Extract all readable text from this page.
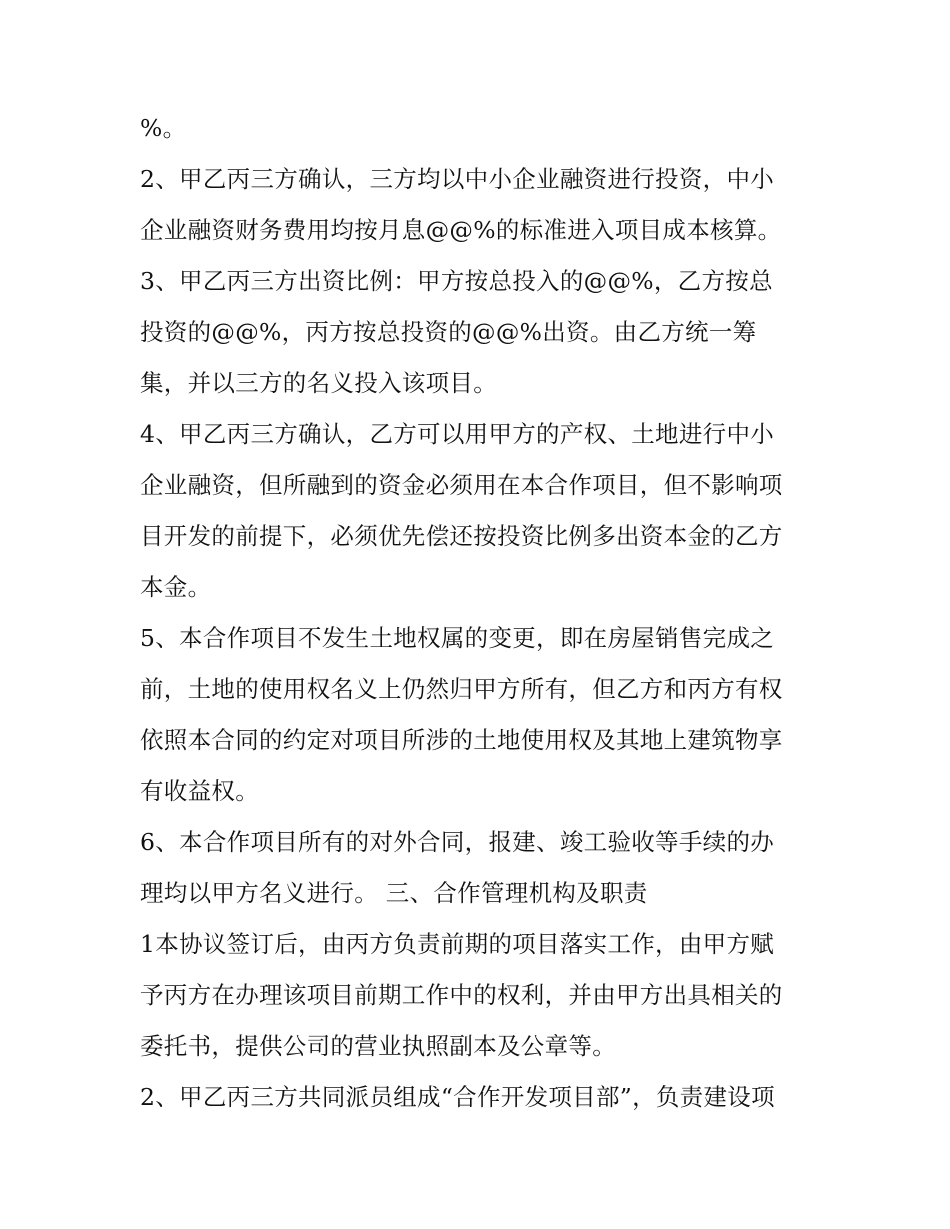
%。
2、甲乙丙三方确认，三方均以中小企业融资进行投资，中小
企业融资财务费用均按月息@@%的标准进入项目成本核算。
3、甲乙丙三方出资比例：甲方按总投入的@@%，乙方按总
投资的@@%，丙方按总投资的@@%出资。由乙方统一筹
集，并以三方的名义投入该项目。
4、甲乙丙三方确认，乙方可以用甲方的产权、土地进行中小
企业融资，但所融到的资金必须用在本合作项目，但不影响项
目开发的前提下，必须优先偿还按投资比例多出资本金的乙方
本金。
5、本合作项目不发生土地权属的变更，即在房屋销售完成之
前，土地的使用权名义上仍然归甲方所有，但乙方和丙方有权
依照本合同的约定对项目所涉的土地使用权及其地上建筑物享
有收益权。
6、本合作项目所有的对外合同，报建、竣工验收等手续的办
理均以甲方名义进行。 三、合作管理机构及职责
1本协议签订后，由丙方负责前期的项目落实工作，由甲方赋
予丙方在办理该项目前期工作中的权利，并由甲方出具相关的
委托书，提供公司的营业执照副本及公章等。
2、甲乙丙三方共同派员组成“合作开发项目部”，负责建设项
